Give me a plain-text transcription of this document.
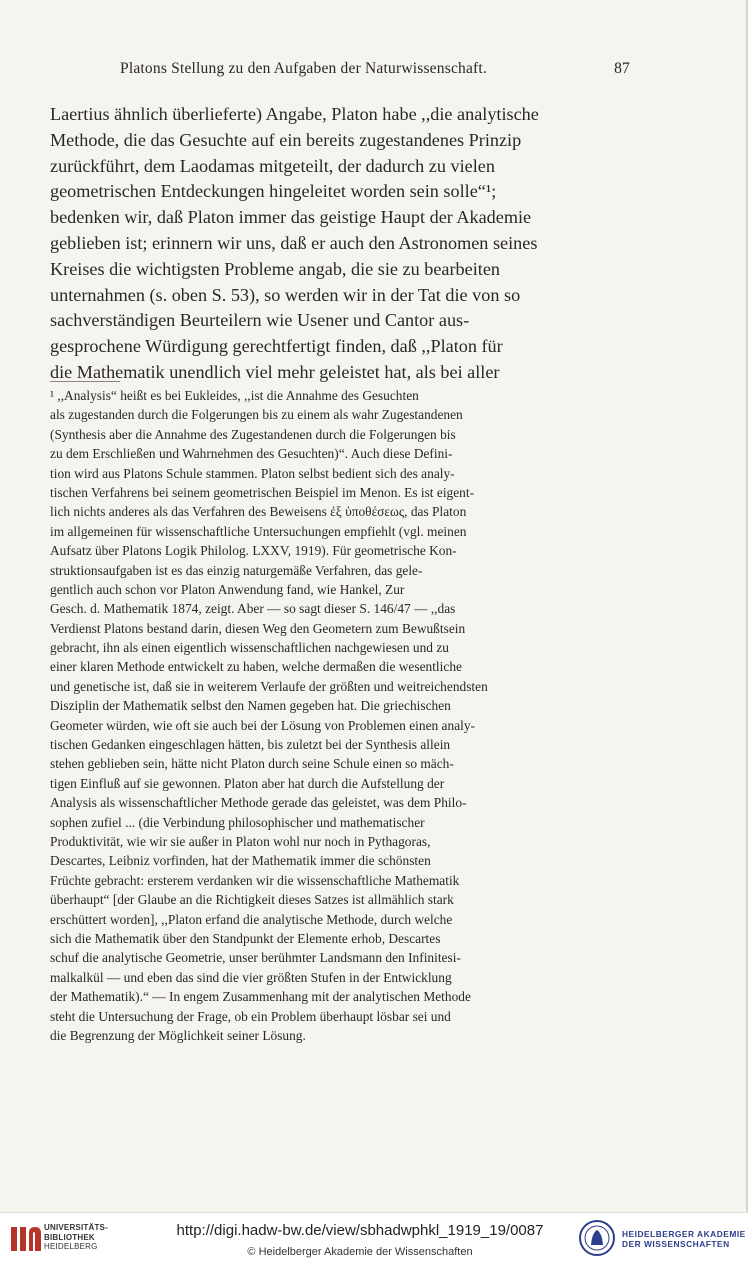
Platons Stellung zu den Aufgaben der Naturwissenschaft.	87
Laertius ähnlich überlieferte) Angabe, Platon habe ,,die analytische
Methode, die das Gesuchte auf ein bereits zugestandenes Prinzip
zurückführt, dem Laodamas mitgeteilt, der dadurch zu vielen
geometrischen Entdeckungen hingeleitet worden sein solle“¹;
bedenken wir, daß Platon immer das geistige Haupt der Akademie
geblieben ist; erinnern wir uns, daß er auch den Astronomen seines
Kreises die wichtigsten Probleme angab, die sie zu bearbeiten
unternahmen (s. oben S. 53), so werden wir in der Tat die von so
sachverständigen Beurteilern wie Usener und Cantor aus-
gesprochene Würdigung gerechtfertigt finden, daß ,,Platon für
die Mathematik unendlich viel mehr geleistet hat, als bei aller
¹ ,,Analysis“ heißt es bei Eukleides, ,,ist die Annahme des Gesuchten
als zugestanden durch die Folgerungen bis zu einem als wahr Zugestandenen
(Synthesis aber die Annahme des Zugestandenen durch die Folgerungen bis
zu dem Erschließen und Wahrnehmen des Gesuchten)“. Auch diese Defini-
tion wird aus Platons Schule stammen. Platon selbst bedient sich des analy-
tischen Verfahrens bei seinem geometrischen Beispiel im Menon. Es ist eigent-
lich nichts anderes als das Verfahren des Beweisens ἐξ ὑποθέσεως, das Platon
im allgemeinen für wissenschaftliche Untersuchungen empfiehlt (vgl. meinen
Aufsatz über Platons Logik Philolog. LXXV, 1919). Für geometrische Kon-
struktionsaufgaben ist es das einzig naturgemäße Verfahren, das gele-
gentlich auch schon vor Platon Anwendung fand, wie Hankel, Zur
Gesch. d. Mathematik 1874, zeigt. Aber — so sagt dieser S. 146/47 — ,,das
Verdienst Platons bestand darin, diesen Weg den Geometern zum Bewußtsein
gebracht, ihn als einen eigentlich wissenschaftlichen nachgewiesen und zu
einer klaren Methode entwickelt zu haben, welche dermaßen die wesentliche
und genetische ist, daß sie in weiterem Verlaufe der größten und weitreichendsten
Disziplin der Mathematik selbst den Namen gegeben hat. Die griechischen
Geometer würden, wie oft sie auch bei der Lösung von Problemen einen analy-
tischen Gedanken eingeschlagen hätten, bis zuletzt bei der Synthesis allein
stehen geblieben sein, hätte nicht Platon durch seine Schule einen so mäch-
tigen Einfluß auf sie gewonnen. Platon aber hat durch die Aufstellung der
Analysis als wissenschaftlicher Methode gerade das geleistet, was dem Philo-
sophen zufiel ... (die Verbindung philosophischer und mathematischer
Produktivität, wie wir sie außer in Platon wohl nur noch in Pythagoras,
Descartes, Leibniz vorfinden, hat der Mathematik immer die schönsten
Früchte gebracht: ersterem verdanken wir die wissenschaftliche Mathematik
überhaupt“ [der Glaube an die Richtigkeit dieses Satzes ist allmählich stark
erschüttert worden], ,,Platon erfand die analytische Methode, durch welche
sich die Mathematik über den Standpunkt der Elemente erhob, Descartes
schuf die analytische Geometrie, unser berühmter Landsmann den Infinitesi-
malkalkül — und eben das sind die vier größten Stufen in der Entwicklung
der Mathematik).“ — In engem Zusammenhang mit der analytischen Methode
steht die Untersuchung der Frage, ob ein Problem überhaupt lösbar sei und
die Begrenzung der Möglichkeit seiner Lösung.
UNIVERSITÄTS-
BIBLIOTHEK
HEIDELBERG
http://digi.hadw-bw.de/view/sbhadwphkl_1919_19/0087
© Heidelberger Akademie der Wissenschaften
HEIDELBERGER AKADEMIE
DER WISSENSCHAFTEN
